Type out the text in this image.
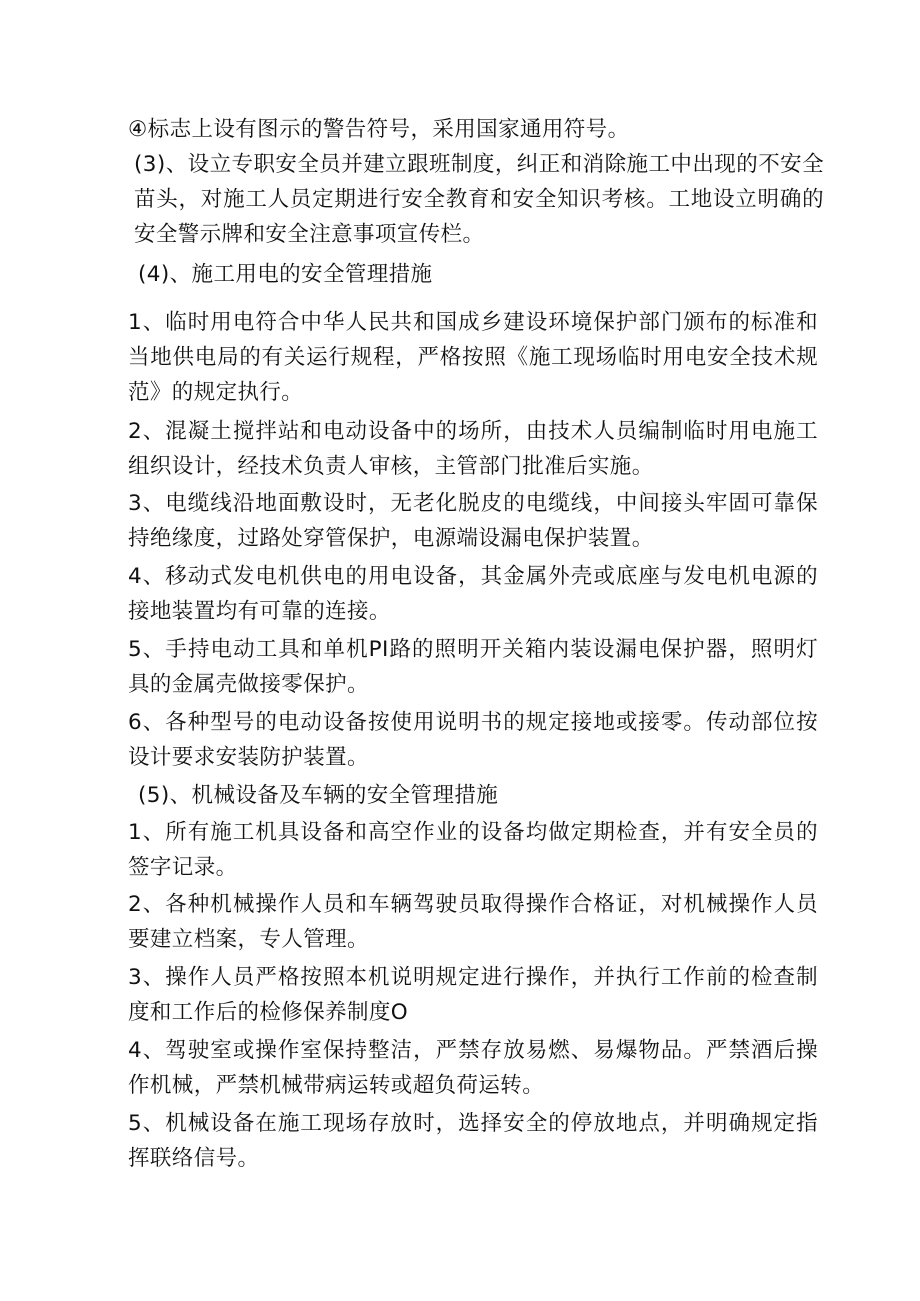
④标志上设有图示的警告符号，采用国家通用符号。

(3)、设立专职安全员并建立跟班制度，纠正和消除施工中出现的不安全苗头，对施工人员定期进行安全教育和安全知识考核。工地设立明确的安全警示牌和安全注意事项宣传栏。

(4)、施工用电的安全管理措施

1、临时用电符合中华人民共和国成乡建设环境保护部门颁布的标准和当地供电局的有关运行规程，严格按照《施工现场临时用电安全技术规范》的规定执行。

2、混凝土搅拌站和电动设备中的场所，由技术人员编制临时用电施工组织设计，经技术负责人审核，主管部门批准后实施。

3、电缆线沿地面敷设时，无老化脱皮的电缆线，中间接头牢固可靠保持绝缘度，过路处穿管保护，电源端设漏电保护装置。

4、移动式发电机供电的用电设备，其金属外壳或底座与发电机电源的接地装置均有可靠的连接。

5、手持电动工具和单机PI路的照明开关箱内装设漏电保护器，照明灯具的金属壳做接零保护。

6、各种型号的电动设备按使用说明书的规定接地或接零。传动部位按设计要求安装防护装置。

(5)、机械设备及车辆的安全管理措施

1、所有施工机具设备和高空作业的设备均做定期检查，并有安全员的签字记录。

2、各种机械操作人员和车辆驾驶员取得操作合格证，对机械操作人员要建立档案，专人管理。

3、操作人员严格按照本机说明规定进行操作，并执行工作前的检查制度和工作后的检修保养制度O

4、驾驶室或操作室保持整洁，严禁存放易燃、易爆物品。严禁酒后操作机械，严禁机械带病运转或超负荷运转。

5、机械设备在施工现场存放时，选择安全的停放地点，并明确规定指挥联络信号。
